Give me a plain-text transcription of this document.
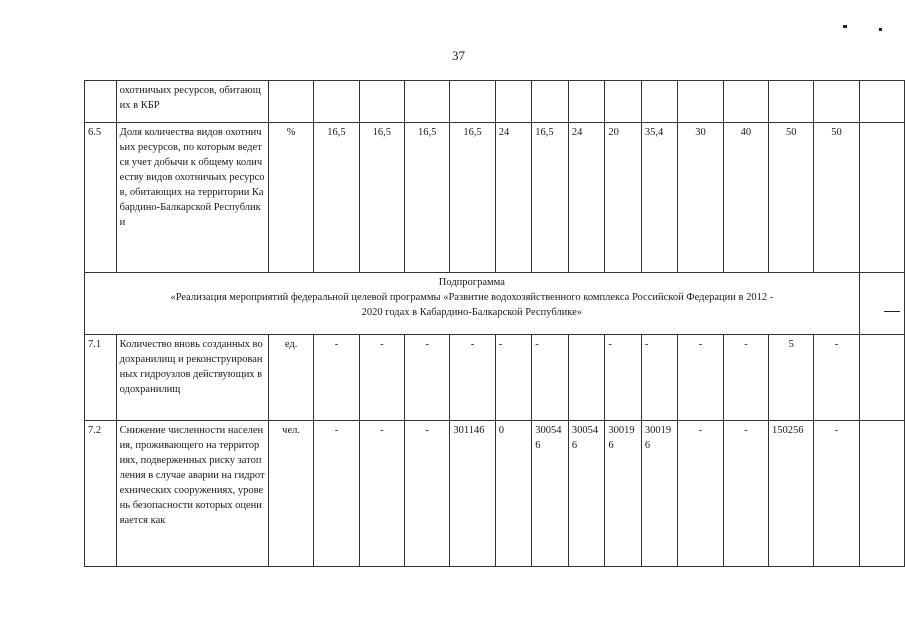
37
	охотничьих ресурсов, обитающих в КБР															
6.5	Доля количества видов охотничьих ресурсов, по которым ведется учет добычи к общему количеству видов охотничьих ресурсов, обитающих на территории Кабардино-Балкарской Республики	%	16,5	16,5	16,5	16,5	24	16,5	24	20	35,4	30	40	50	50	

Подпрограмма
«Реализация мероприятий федеральной целевой программы «Развитие водохозяйственного комплекса Российской Федерации в 2012 - 2020 годах в Кабардино-Балкарской Республике»																

7.1	Количество вновь созданных водохранилищ и реконструированных гидроузлов действующих водохранилищ	ед.	-	-	-	-	-	-		-	-	-	-	5	-	
7.2	Снижение численности населения, проживающего на территориях, подверженных риску затопления в случае аварии на гидротехнических сооружениях, уровень безопасности которых оценивается как	чел.	-	-	-	301146	0	300546	300546	300196	300196	-	-	150256	-	
